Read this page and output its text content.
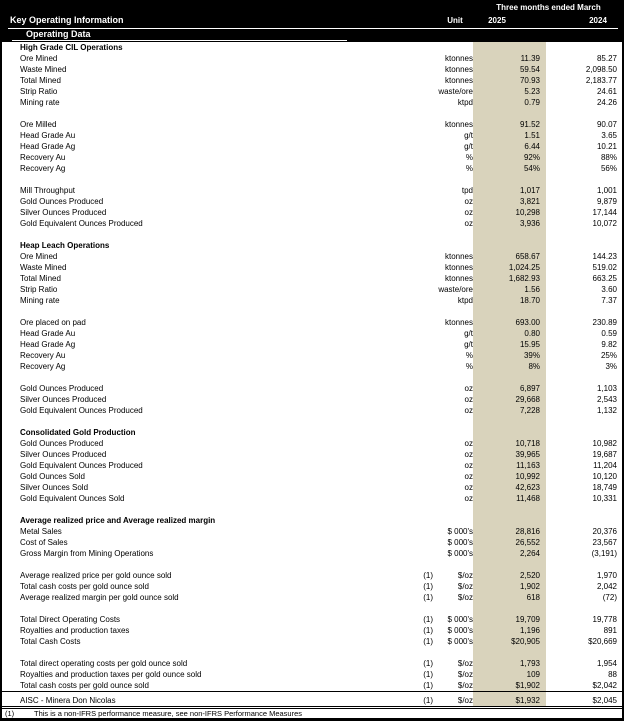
Three months ended March
Key Operating Information	Unit	2025	2024
Operating Data
High Grade CIL Operations
Ore Mined	ktonnes	11.39	85.27
Waste Mined	ktonnes	59.54	2,098.50
Total Mined	ktonnes	70.93	2,183.77
Strip Ratio	waste/ore	5.23	24.61
Mining rate	ktpd	0.79	24.26
Ore Milled	ktonnes	91.52	90.07
Head Grade Au	g/t	1.51	3.65
Head Grade Ag	g/t	6.44	10.21
Recovery Au	%	92%	88%
Recovery Ag	%	54%	56%
Mill Throughput	tpd	1,017	1,001
Gold Ounces Produced	oz	3,821	9,879
Silver Ounces Produced	oz	10,298	17,144
Gold Equivalent Ounces Produced	oz	3,936	10,072
Heap Leach Operations
Ore Mined	ktonnes	658.67	144.23
Waste Mined	ktonnes	1,024.25	519.02
Total Mined	ktonnes	1,682.93	663.25
Strip Ratio	waste/ore	1.56	3.60
Mining rate	ktpd	18.70	7.37
Ore placed on pad	ktonnes	693.00	230.89
Head Grade Au	g/t	0.80	0.59
Head Grade Ag	g/t	15.95	9.82
Recovery Au	%	39%	25%
Recovery Ag	%	8%	3%
Gold Ounces Produced	oz	6,897	1,103
Silver Ounces Produced	oz	29,668	2,543
Gold Equivalent Ounces Produced	oz	7,228	1,132
Consolidated Gold Production
Gold Ounces Produced	oz	10,718	10,982
Silver Ounces Produced	oz	39,965	19,687
Gold Equivalent Ounces Produced	oz	11,163	11,204
Gold Ounces Sold	oz	10,992	10,120
Silver Ounces Sold	oz	42,623	18,749
Gold Equivalent Ounces Sold	oz	11,468	10,331
Average realized price and Average realized margin
Metal Sales	$ 000's	28,816	20,376
Cost of Sales	$ 000's	26,552	23,567
Gross Margin from Mining Operations	$ 000's	2,264	(3,191)
Average realized price per gold ounce sold	(1)	$/oz	2,520	1,970
Total cash costs per gold ounce sold	(1)	$/oz	1,902	2,042
Average realized margin per gold ounce sold	(1)	$/oz	618	(72)
Total Direct Operating Costs	(1)	$ 000's	19,709	19,778
Royalties and production taxes	(1)	$ 000's	1,196	891
Total Cash Costs	(1)	$ 000's	$20,905	$20,669
Total direct operating costs per gold ounce sold	(1)	$/oz	1,793	1,954
Royalties and production taxes per gold ounce sold	(1)	$/oz	109	88
Total cash costs per gold ounce sold	(1)	$/oz	$1,902	$2,042
AISC - Minera Don Nicolas	(1)	$/oz	$1,932	$2,045
(1)	This is a non-IFRS performance measure, see non-IFRS Performance Measures
